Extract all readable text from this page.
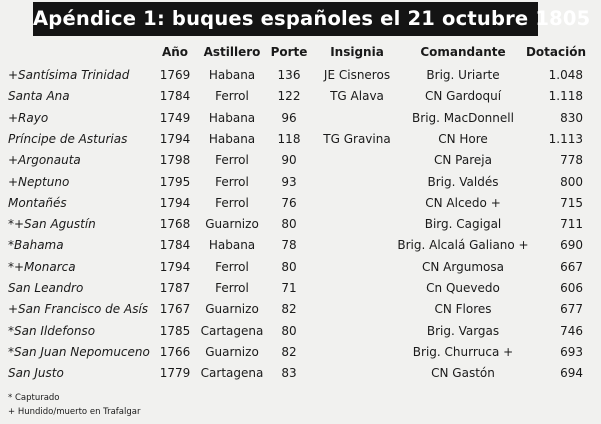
Apéndice 1: buques españoles el 21 octubre 1805
Año Astillero Porte Insignia	Comandante Dotación
+Santísima Trinidad	1769 Habana 136 JE Cisneros	Brig. Uriarte	1.048
Santa Ana	1784 Ferrol 122 TG Alava	CN Gardoquí	1.118
+Rayo	1749 Habana 96	Brig. MacDonnell	830
Príncipe de Asturias	1794 Habana 118 TG Gravina	CN Hore	1.113
+Argonauta	1798 Ferrol	90	CN Pareja	778
+Neptuno	1795 Ferrol	93	Brig. Valdés	800
Montañés	1794 Ferrol	76	CN Alcedo +	715
*+San Agustín	1768 Guarnizo 80	Birg. Cagigal	711
*Bahama	1784 Habana 78	Brig. Alcalá Galiano +	690
*+Monarca	1794 Ferrol	80	CN Argumosa	667
San Leandro	1787 Ferrol	71	Cn Quevedo	606
+San Francisco de Asís 1767 Guarnizo 82	CN Flores	677
*San Ildefonso	1785 Cartagena 80	Brig. Vargas	746
*San Juan Nepomuceno 1766 Guarnizo 82	Brig. Churruca +	693
San Justo	1779 Cartagena 83	CN Gastón	694
* Capturado
+ Hundido/muerto en Trafalgar
